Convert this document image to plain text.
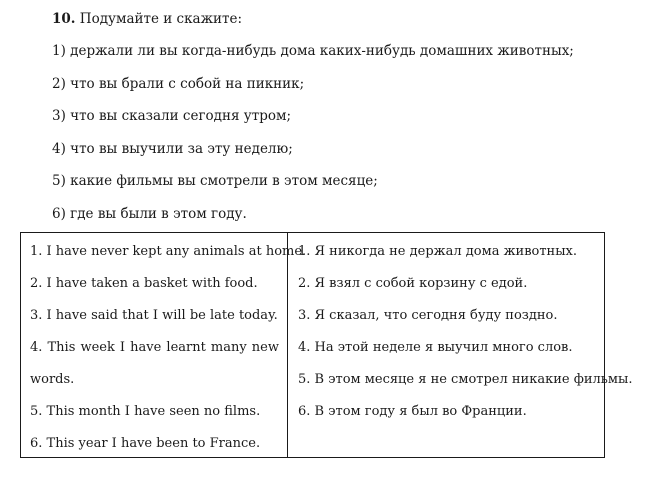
10. Подумайте и скажите:
1) держали ли вы когда-нибудь дома каких-нибудь домашних животных;
2) что вы брали с собой на пикник;
3) что вы сказали сегодня утром;
4) что вы выучили за эту неделю;
5) какие фильмы вы смотрели в этом месяце;
6) где вы были в этом году.
1. I have never kept any animals at home.
2. I have taken a basket with food.
3. I have said that I will be late today.
4. This week I have learnt many new
words.
5. This month I have seen no films.
6. This year I have been to France.
1. Я никогда не держал дома животных.
2. Я взял с собой корзину с едой.
3. Я сказал, что сегодня буду поздно.
4. На этой неделе я выучил много слов.
5. В этом месяце я не смотрел никакие фильмы.
6. В этом году я был во Франции.
